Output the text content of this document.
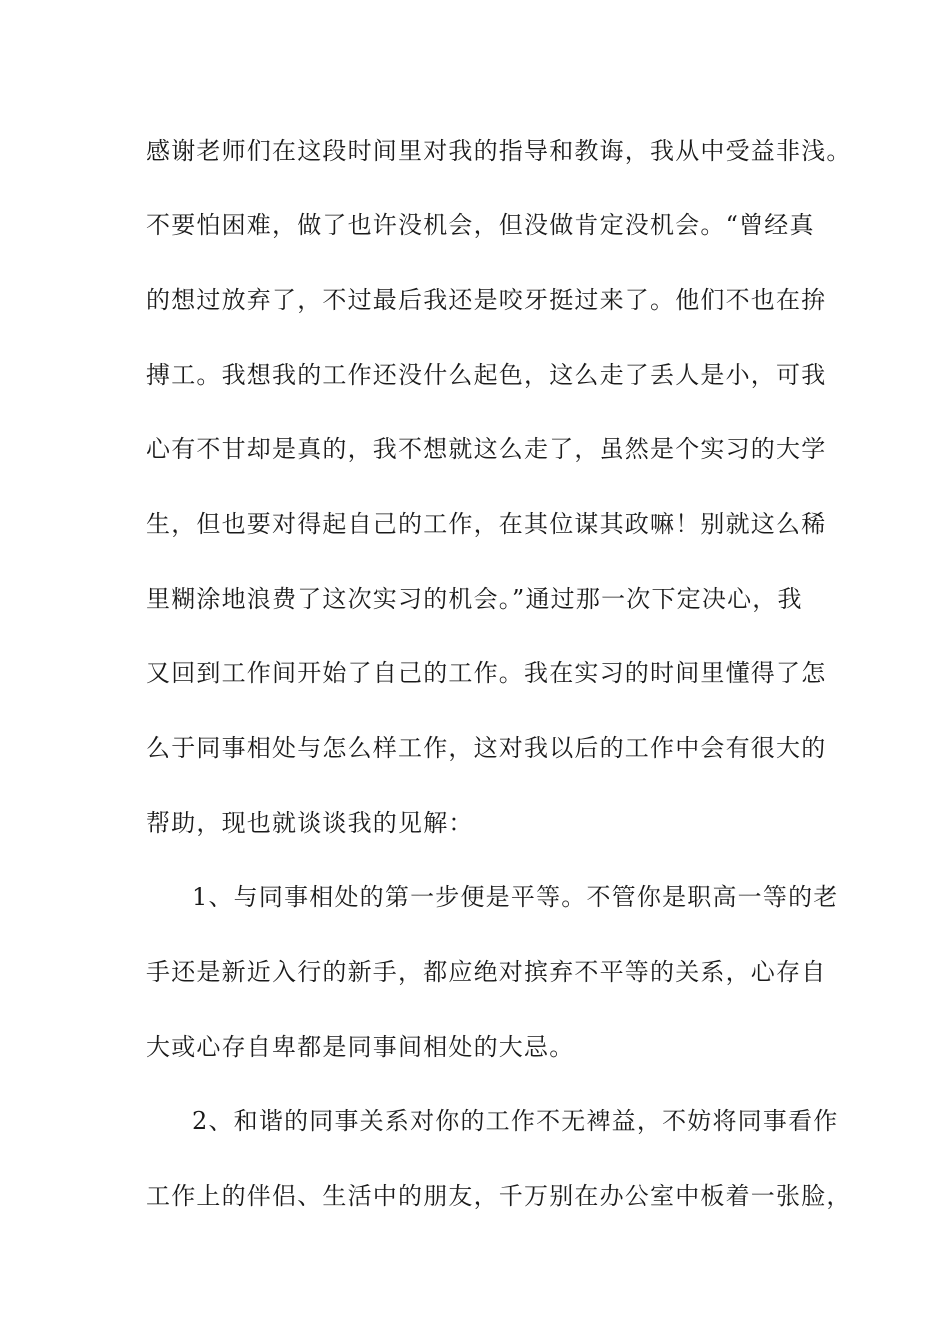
感谢老师们在这段时间里对我的指导和教诲，我从中受益非浅。
不要怕困难，做了也许没机会，但没做肯定没机会。“曾经真
的想过放弃了，不过最后我还是咬牙挺过来了。他们不也在拚
搏工。我想我的工作还没什么起色，这么走了丢人是小，可我
心有不甘却是真的，我不想就这么走了，虽然是个实习的大学
生，但也要对得起自己的工作，在其位谋其政嘛！别就这么稀
里糊涂地浪费了这次实习的机会。”通过那一次下定决心，我
又回到工作间开始了自己的工作。我在实习的时间里懂得了怎
么于同事相处与怎么样工作，这对我以后的工作中会有很大的
帮助，现也就谈谈我的见解：
1、与同事相处的第一步便是平等。不管你是职高一等的老
手还是新近入行的新手，都应绝对摈弃不平等的关系，心存自
大或心存自卑都是同事间相处的大忌。
2、和谐的同事关系对你的工作不无裨益，不妨将同事看作
工作上的伴侣、生活中的朋友，千万别在办公室中板着一张脸，
